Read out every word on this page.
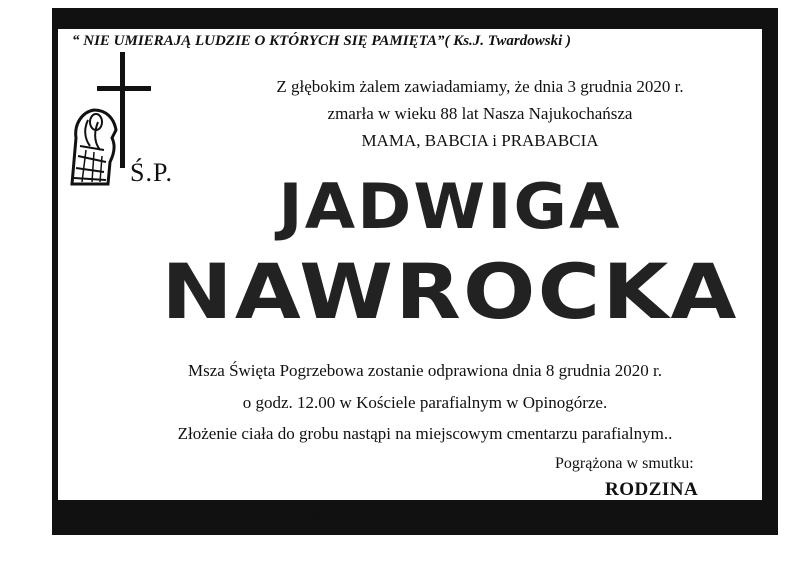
“ NIE UMIERAJĄ LUDZIE O KTÓRYCH SIĘ PAMIĘTA”( Ks.J. Twardowski )
Z głębokim żalem zawiadamiamy, że dnia 3 grudnia 2020 r.
zmarła w wieku 88 lat Nasza Najukochańsza
MAMA, BABCIA i PRABABCIA
Ś.P.	JADWIGA
NAWROCKA
Msza Święta Pogrzebowa zostanie odprawiona dnia 8 grudnia 2020 r.
o godz. 12.00 w Kościele parafialnym w Opinogórze.
Złożenie ciała do grobu nastąpi na miejscowym cmentarzu parafialnym..
Pogrążona w smutku:
RODZINA
DRUK: Z.U.P. "HADES" R. Żurawski tel. 23 672 14 88, 662 198 820
